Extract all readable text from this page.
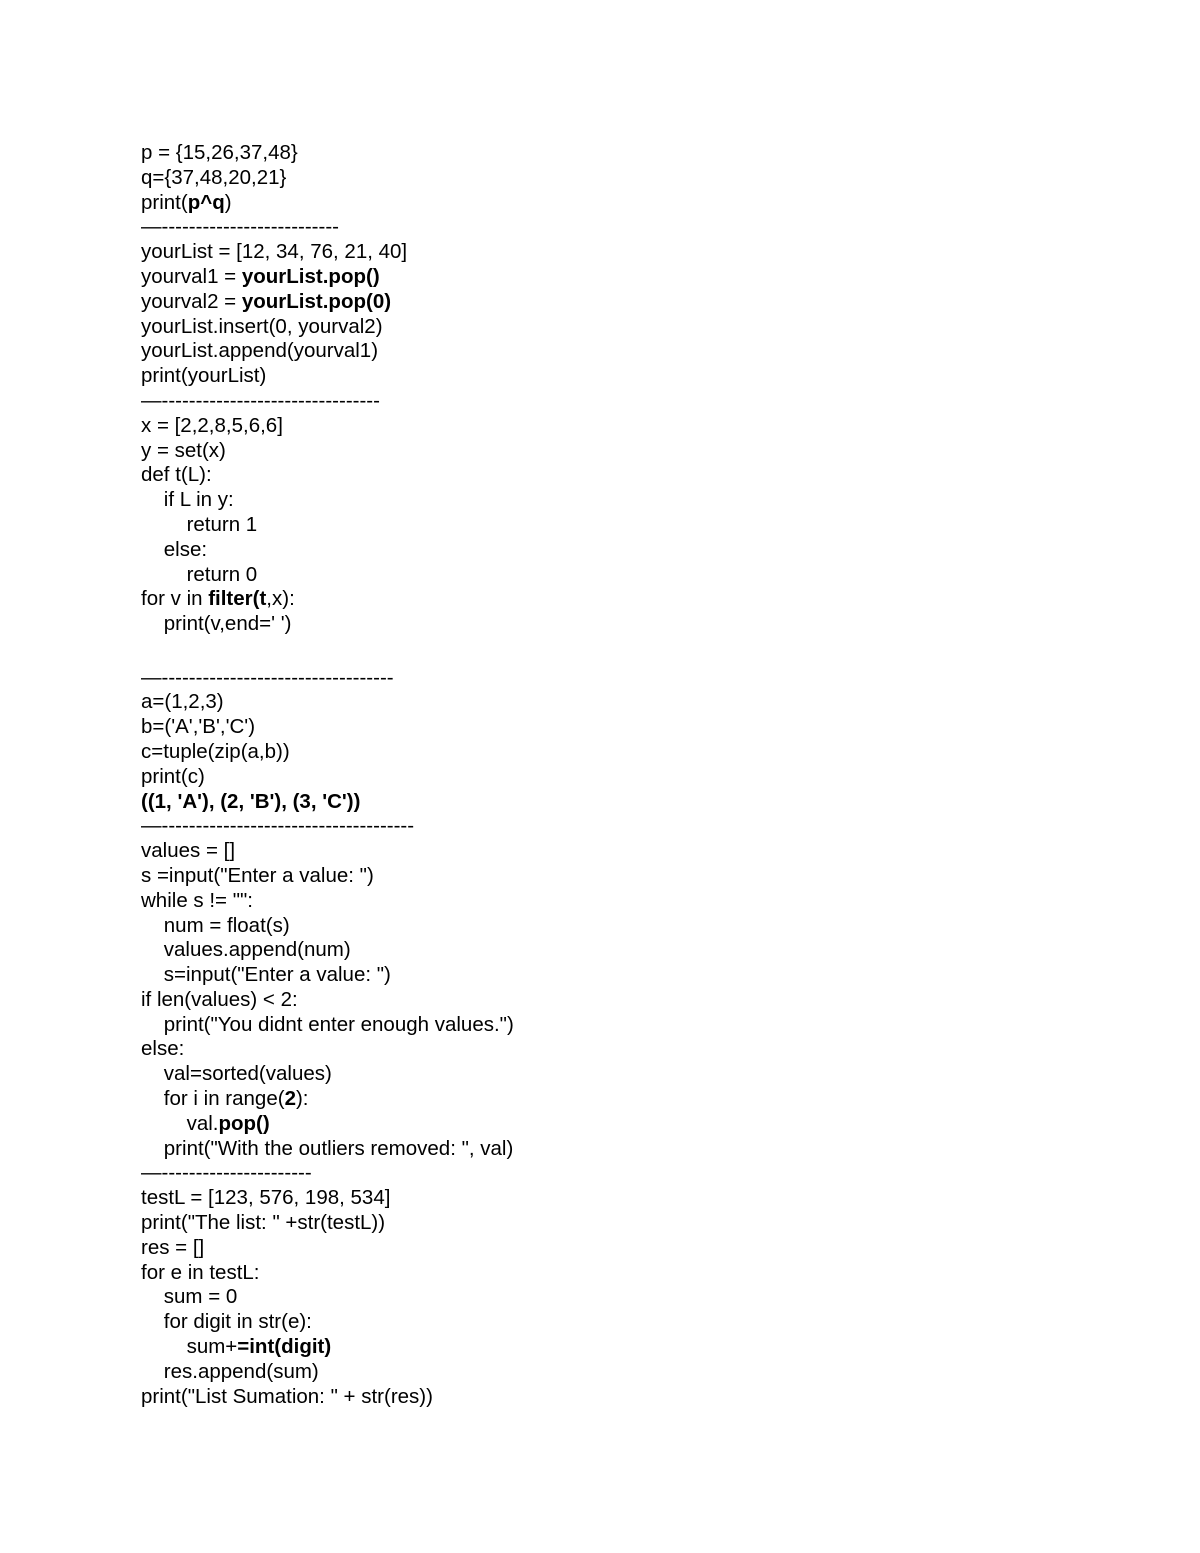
p = {15,26,37,48}
q={37,48,20,21}
print(p^q)
—--------------------------
yourList = [12, 34, 76, 21, 40]
yourval1 = yourList.pop()
yourval2 = yourList.pop(0)
yourList.insert(0, yourval2)
yourList.append(yourval1)
print(yourList)
—--------------------------------
x = [2,2,8,5,6,6]
y = set(x)
def t(L):
if L in y:
return 1
else:
return 0
for v in filter(t,x):
print(v,end=' ')
—----------------------------------
a=(1,2,3)
b=('A','B','C')
c=tuple(zip(a,b))
print(c)
((1, 'A'), (2, 'B'), (3, 'C'))
—-------------------------------------
values = []
s =input("Enter a value: ")
while s != "":
num = float(s)
values.append(num)
s=input("Enter a value: ")
if len(values) < 2:
print("You didnt enter enough values.")
else:
val=sorted(values)
for i in range(2):
val.pop()
print("With the outliers removed: ", val)
—----------------------
testL = [123, 576, 198, 534]
print("The list: " +str(testL))
res = []
for e in testL:
sum = 0
for digit in str(e):
sum+=int(digit)
res.append(sum)
print("List Sumation: " + str(res))
